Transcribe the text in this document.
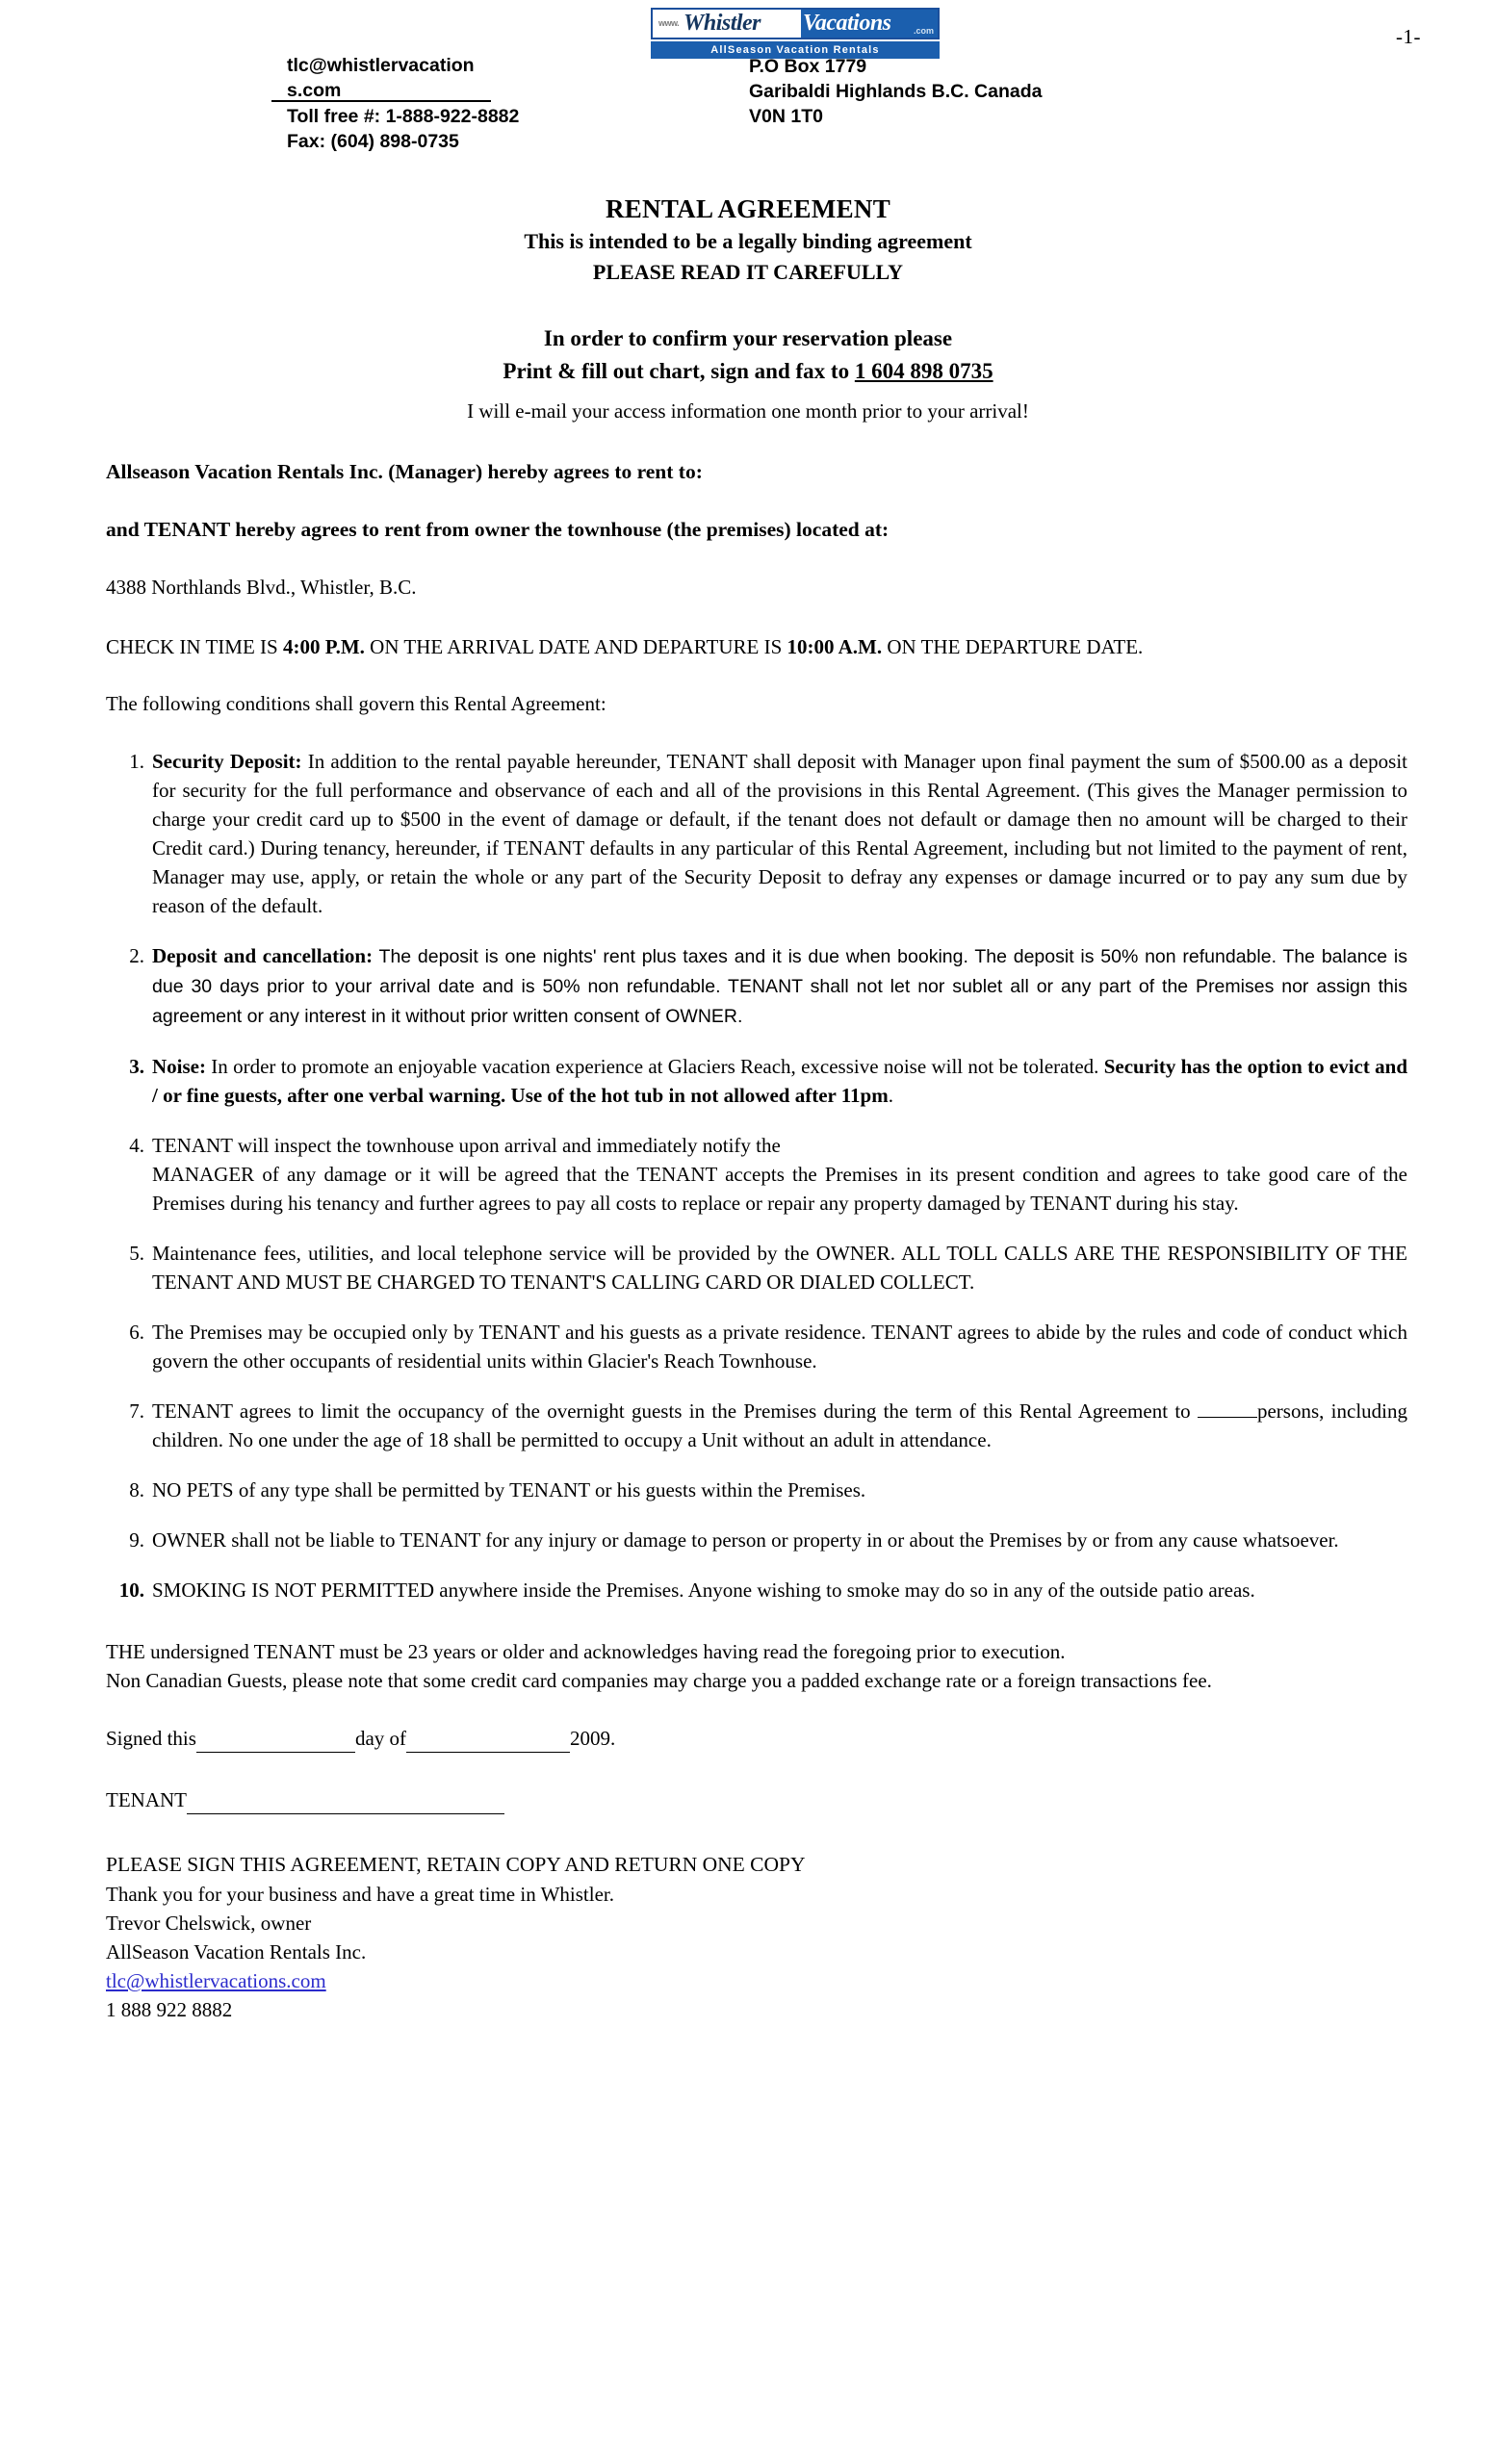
-1-
www. Whistler Vacations	.com
AllSeason Vacation Rentals
tlc@whistlervacation
s.com
Toll free #: 1-888-922-8882
Fax: (604) 898-0735
P.O Box 1779
Garibaldi Highlands B.C. Canada
V0N 1T0
RENTAL AGREEMENT
This is intended to be a legally binding agreement
PLEASE READ IT CAREFULLY
In order to confirm your reservation please
Print & fill out chart, sign and fax to 1 604 898 0735
I will e-mail your access information one month prior to your arrival!
Allseason Vacation Rentals Inc. (Manager) hereby agrees to rent to:
and TENANT hereby agrees to rent from owner the townhouse (the premises) located at:
4388 Northlands Blvd., Whistler, B.C.
CHECK IN TIME IS 4:00 P.M. ON THE ARRIVAL DATE AND DEPARTURE IS 10:00 A.M. ON THE DEPARTURE DATE.
The following conditions shall govern this Rental Agreement:
1. Security Deposit: In addition to the rental payable hereunder, TENANT shall deposit with Manager upon final payment the sum of $500.00 as a deposit for security for the full performance and observance of each and all of the provisions in this Rental Agreement. (This gives the Manager permission to charge your credit card up to $500 in the event of damage or default, if the tenant does not default or damage then no amount will be charged to their Credit card.) During tenancy, hereunder, if TENANT defaults in any particular of this Rental Agreement, including but not limited to the payment of rent, Manager may use, apply, or retain the whole or any part of the Security Deposit to defray any expenses or damage incurred or to pay any sum due by reason of the default.
2. Deposit and cancellation: The deposit is one nights' rent plus taxes and it is due when booking. The deposit is 50% non refundable. The balance is due 30 days prior to your arrival date and is 50% non refundable. TENANT shall not let nor sublet all or any part of the Premises nor assign this agreement or any interest in it without prior written consent of OWNER.
3. Noise: In order to promote an enjoyable vacation experience at Glaciers Reach, excessive noise will not be tolerated. Security has the option to evict and / or fine guests, after one verbal warning. Use of the hot tub in not allowed after 11pm.
4. TENANT will inspect the townhouse upon arrival and immediately notify the
MANAGER of any damage or it will be agreed that the TENANT accepts the Premises in its present condition and agrees to take good care of the Premises during his tenancy and further agrees to pay all costs to replace or repair any property damaged by TENANT during his stay.
5. Maintenance fees, utilities, and local telephone service will be provided by the OWNER. ALL TOLL CALLS ARE THE RESPONSIBILITY OF THE TENANT AND MUST BE CHARGED TO TENANT'S CALLING CARD OR DIALED COLLECT.
6. The Premises may be occupied only by TENANT and his guests as a private residence. TENANT agrees to abide by the rules and code of conduct which govern the other occupants of residential units within Glacier's Reach Townhouse.
7. TENANT agrees to limit the occupancy of the overnight guests in the Premises during the term of this Rental Agreement to	persons, including children. No one under the age of 18 shall be permitted to occupy a Unit without an adult in attendance.
8. NO PETS of any type shall be permitted by TENANT or his guests within the Premises.
9. OWNER shall not be liable to TENANT for any injury or damage to person or property in or about the Premises by or from any cause whatsoever.
10. SMOKING IS NOT PERMITTED anywhere inside the Premises. Anyone wishing to smoke may do so in any of the outside patio areas.

THE undersigned TENANT must be 23 years or older and acknowledges having read the foregoing prior to execution.

Non Canadian Guests, please note that some credit card companies may charge you a padded exchange rate or a foreign transactions fee.

Signed this	day of	2009.
TENANT
PLEASE SIGN THIS AGREEMENT, RETAIN COPY AND RETURN ONE COPY
Thank you for your business and have a great time in Whistler.
Trevor Chelswick, owner
AllSeason Vacation Rentals Inc.
tlc@whistlervacations.com
1 888 922 8882
